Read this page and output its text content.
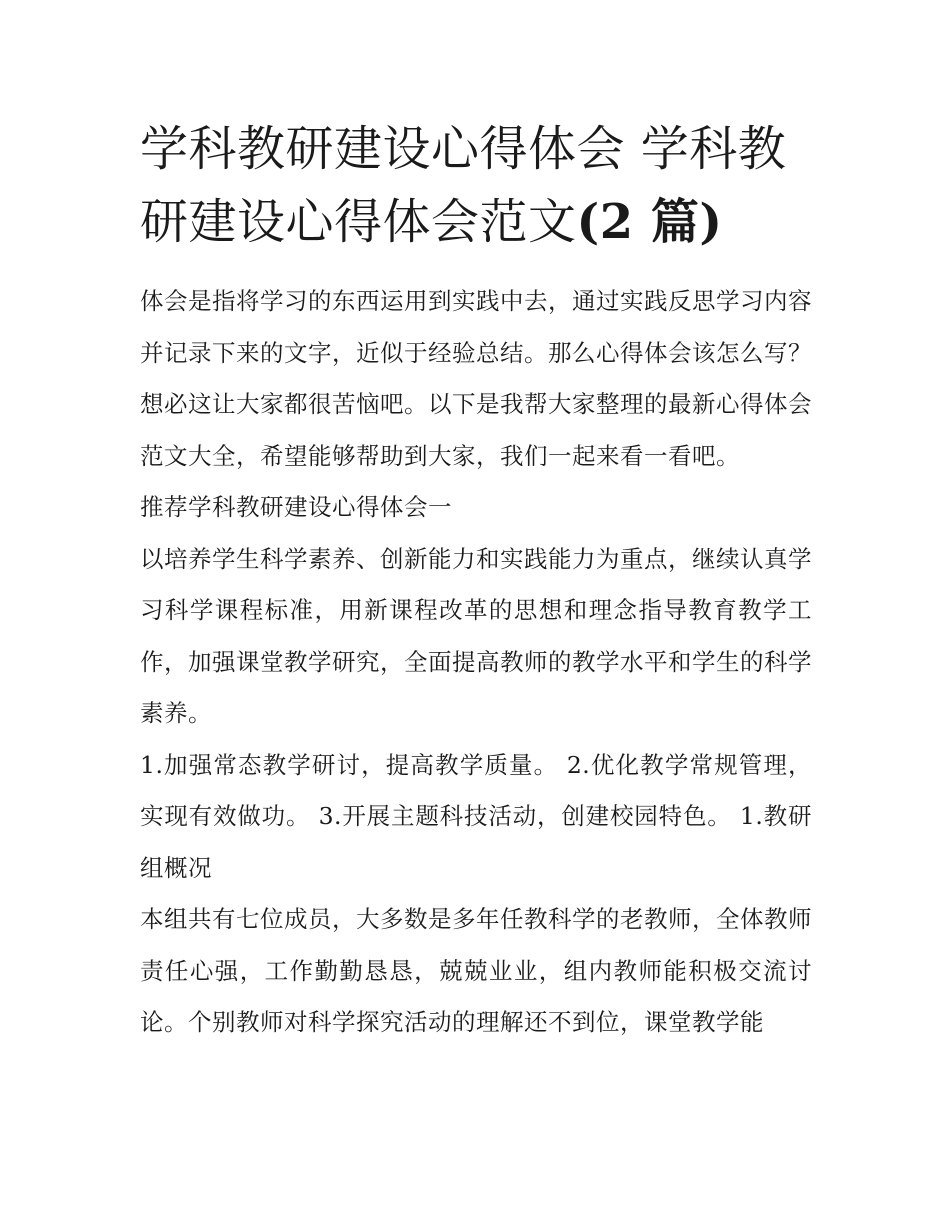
学科教研建设心得体会 学科教研建设心得体会范文(2 篇)

体会是指将学习的东西运用到实践中去，通过实践反思学习内容并记录下来的文字，近似于经验总结。那么心得体会该怎么写？想必这让大家都很苦恼吧。以下是我帮大家整理的最新心得体会范文大全，希望能够帮助到大家，我们一起来看一看吧。

推荐学科教研建设心得体会一

以培养学生科学素养、创新能力和实践能力为重点，继续认真学习科学课程标准，用新课程改革的思想和理念指导教育教学工作，加强课堂教学研究，全面提高教师的教学水平和学生的科学素养。

1.加强常态教学研讨，提高教学质量。 2.优化教学常规管理，实现有效做功。 3.开展主题科技活动，创建校园特色。 1.教研组概况

本组共有七位成员，大多数是多年任教科学的老教师，全体教师责任心强，工作勤勤恳恳，兢兢业业，组内教师能积极交流讨论。个别教师对科学探究活动的理解还不到位，课堂教学能
